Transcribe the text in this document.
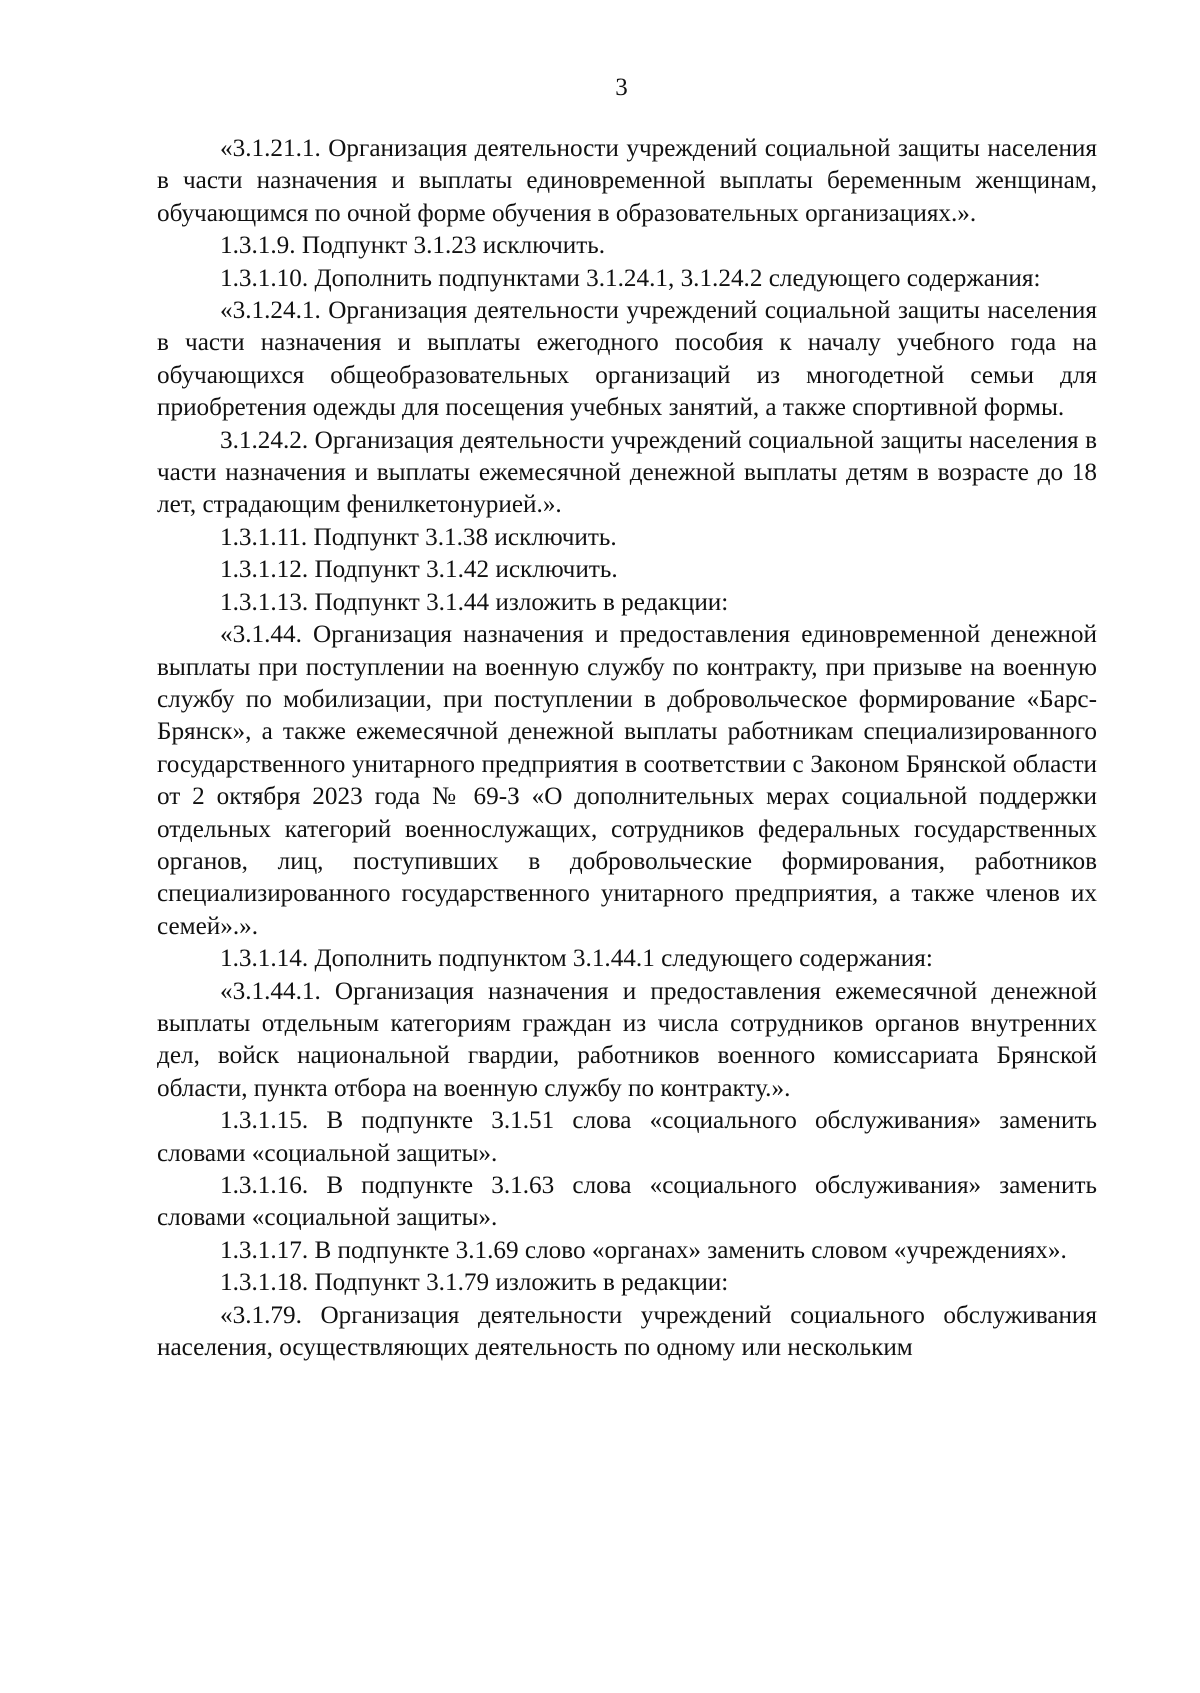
3

«3.1.21.1. Организация деятельности учреждений социальной защиты населения в части назначения и выплаты единовременной выплаты беременным женщинам, обучающимся по очной форме обучения в образовательных организациях.».

1.3.1.9. Подпункт 3.1.23 исключить.

1.3.1.10. Дополнить подпунктами 3.1.24.1, 3.1.24.2 следующего содержания:

«3.1.24.1. Организация деятельности учреждений социальной защиты населения в части назначения и выплаты ежегодного пособия к началу учебного года на обучающихся общеобразовательных организаций из многодетной семьи для приобретения одежды для посещения учебных занятий, а также спортивной формы.

3.1.24.2. Организация деятельности учреждений социальной защиты населения в части назначения и выплаты ежемесячной денежной выплаты детям в возрасте до 18 лет, страдающим фенилкетонурией.».

1.3.1.11. Подпункт 3.1.38 исключить.

1.3.1.12. Подпункт 3.1.42 исключить.

1.3.1.13. Подпункт 3.1.44 изложить в редакции:

«3.1.44. Организация назначения и предоставления единовременной денежной выплаты при поступлении на военную службу по контракту, при призыве на военную службу по мобилизации, при поступлении в добровольческое формирование «Барс-Брянск», а также ежемесячной денежной выплаты работникам специализированного государственного унитарного предприятия в соответствии с Законом Брянской области от 2 октября 2023 года № 69-З «О дополнительных мерах социальной поддержки отдельных категорий военнослужащих, сотрудников федеральных государственных органов, лиц, поступивших в добровольческие формирования, работников специализированного государственного унитарного предприятия, а также членов их семей».».

1.3.1.14. Дополнить подпунктом 3.1.44.1 следующего содержания:

«3.1.44.1. Организация назначения и предоставления ежемесячной денежной выплаты отдельным категориям граждан из числа сотрудников органов внутренних дел, войск национальной гвардии, работников военного комиссариата Брянской области, пункта отбора на военную службу по контракту.».

1.3.1.15. В подпункте 3.1.51 слова «социального обслуживания» заменить словами «социальной защиты».

1.3.1.16. В подпункте 3.1.63 слова «социального обслуживания» заменить словами «социальной защиты».

1.3.1.17. В подпункте 3.1.69 слово «органах» заменить словом «учреждениях».

1.3.1.18. Подпункт 3.1.79 изложить в редакции:

«3.1.79. Организация деятельности учреждений социального обслуживания населения, осуществляющих деятельность по одному или нескольким
